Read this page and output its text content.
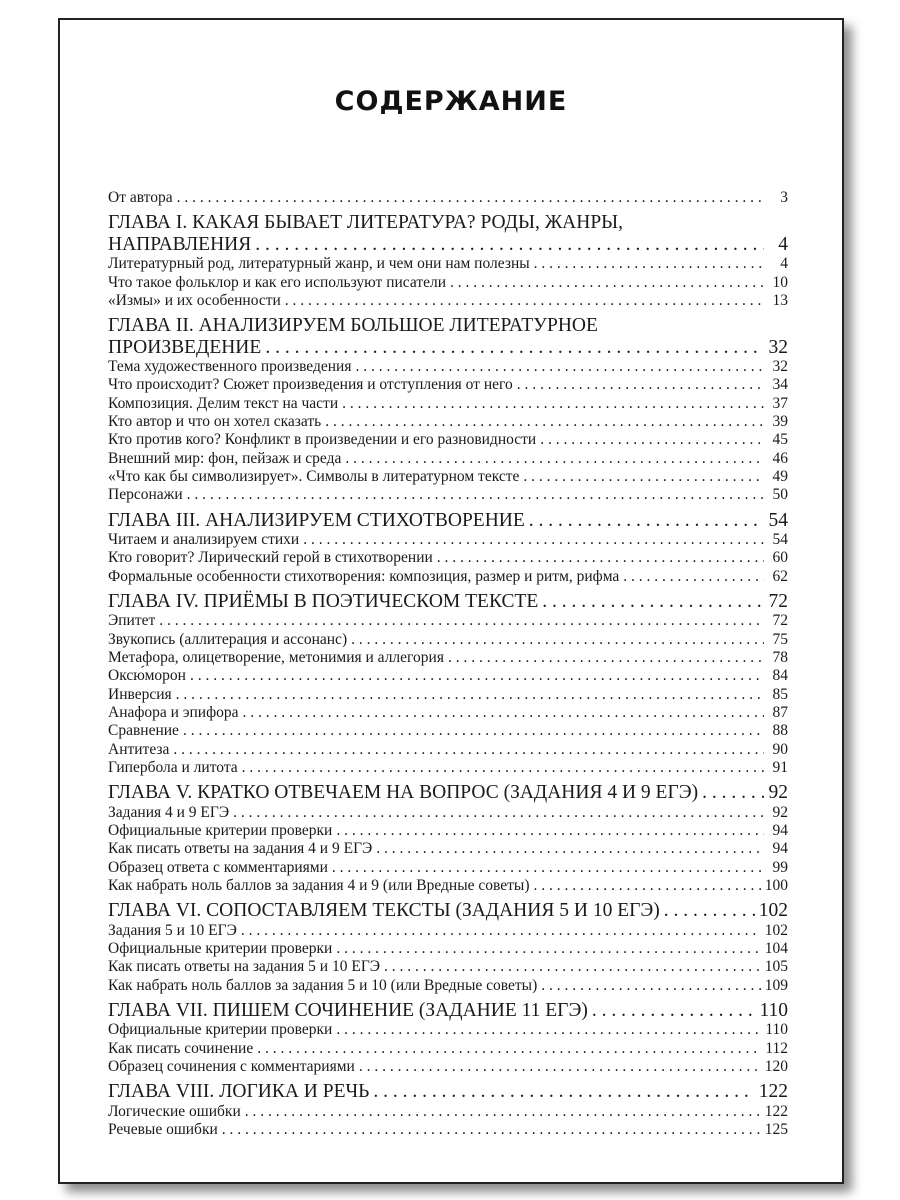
СОДЕРЖАНИЕ
От автора . . .	3
ГЛАВА I. КАКАЯ БЫВАЕТ ЛИТЕРАТУРА? РОДЫ, ЖАНРЫ,
НАПРАВЛЕНИЯ . . .	4
Литературный род, литературный жанр, и чем они нам полезны . . .	4
Что такое фольклор и как его используют писатели . . .	10
«Измы» и их особенности . . .	13
ГЛАВА II. АНАЛИЗИРУЕМ БОЛЬШОЕ ЛИТЕРАТУРНОЕ
ПРОИЗВЕДЕНИЕ . . .	32
Тема художественного произведения . . .	32
Что происходит? Сюжет произведения и отступления от него . . .	34
Композиция. Делим текст на части . . .	37
Кто автор и что он хотел сказать . . .	39
Кто против кого? Конфликт в произведении и его разновидности . . .	45
Внешний мир: фон, пейзаж и среда . . .	46
«Что как бы символизирует». Символы в литературном тексте . . .	49
Персонажи . . .	50
ГЛАВА III. АНАЛИЗИРУЕМ СТИХОТВОРЕНИЕ . . .	54
Читаем и анализируем стихи . . .	54
Кто говорит? Лирический герой в стихотворении . . .	60
Формальные особенности стихотворения: композиция, размер и ритм, рифма . . .	62
ГЛАВА IV. ПРИЁМЫ В ПОЭТИЧЕСКОМ ТЕКСТЕ . . .	72
Эпитет . . .	72
Звукопись (аллитерация и ассонанс) . . .	75
Метафора, олицетворение, метонимия и аллегория . . .	78
Оксю́морон . . .	84
Инверсия . . .	85
Анафора и эпифора . . .	87
Сравнение . . .	88
Антитеза . . .	90
Гипербола и литота . . .	91
ГЛАВА V. КРАТКО ОТВЕЧАЕМ НА ВОПРОС (ЗАДАНИЯ 4 И 9 ЕГЭ) . . .	92
Задания 4 и 9 ЕГЭ . . .	92
Официальные критерии проверки . . .	94
Как писать ответы на задания 4 и 9 ЕГЭ . . .	94
Образец ответа с комментариями . . .	99
Как набрать ноль баллов за задания 4 и 9 (или Вредные советы) . . .	100
ГЛАВА VI. СОПОСТАВЛЯЕМ ТЕКСТЫ (ЗАДАНИЯ 5 И 10 ЕГЭ) . . .	102
Задания 5 и 10 ЕГЭ . . .	102
Официальные критерии проверки . . .	104
Как писать ответы на задания 5 и 10 ЕГЭ . . .	105
Как набрать ноль баллов за задания 5 и 10 (или Вредные советы) . . .	109
ГЛАВА VII. ПИШЕМ СОЧИНЕНИЕ (ЗАДАНИЕ 11 ЕГЭ) . . .	110
Официальные критерии проверки . . .	110
Как писать сочинение . . .	112
Образец сочинения с комментариями . . .	120
ГЛАВА VIII. ЛОГИКА И РЕЧЬ . . .	122
Логические ошибки . . .	122
Речевые ошибки . . .	125
